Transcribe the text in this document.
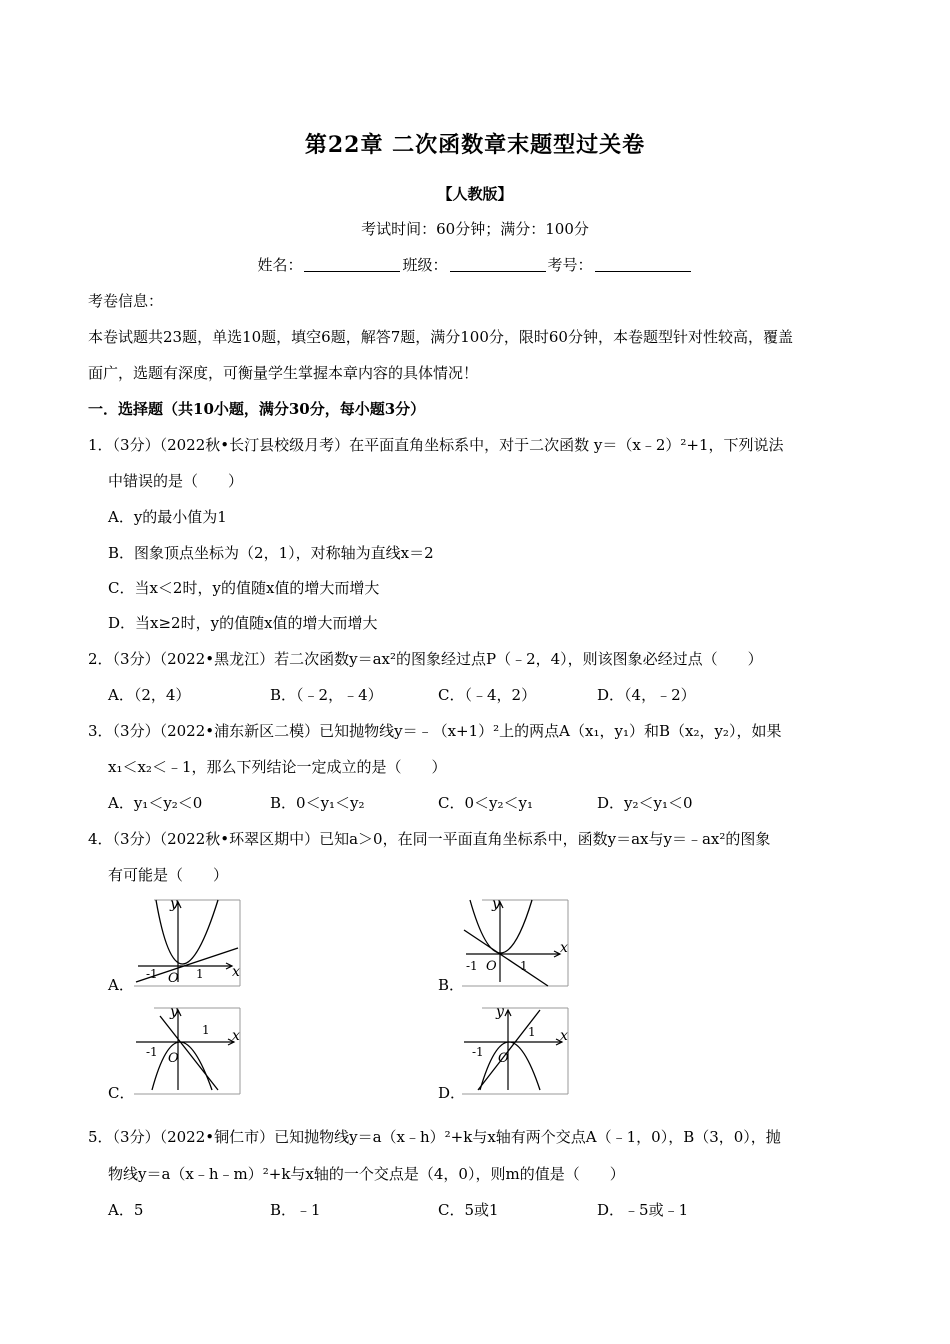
第22章 二次函数章末题型过关卷
【人教版】
考试时间：60分钟；满分：100分
姓名：	班级：	考号：
考卷信息：
本卷试题共23题，单选10题，填空6题，解答7题，满分100分，限时60分钟，本卷题型针对性较高，覆盖
面广，选题有深度，可衡量学生掌握本章内容的具体情况！
一．选择题（共10小题，满分30分，每小题3分）
1．（3分）（2022秋•长汀县校级月考）在平面直角坐标系中，对于二次函数 y＝（x﹣2）²+1，下列说法
中错误的是（　　）
A．y的最小值为1
B．图象顶点坐标为（2，1），对称轴为直线x＝2
C．当x＜2时，y的值随x值的增大而增大
D．当x≥2时，y的值随x值的增大而增大
2．（3分）（2022•黑龙江）若二次函数y＝ax²的图象经过点P（﹣2，4），则该图象必经过点（　　）
A．（2，4）	B．（﹣2，﹣4）	C．（﹣4，2）	D．（4，﹣2）
3．（3分）（2022•浦东新区二模）已知抛物线y＝﹣（x+1）²上的两点A（x₁，y₁）和B（x₂，y₂），如果
x₁＜x₂＜﹣1，那么下列结论一定成立的是（　　）
A．y₁＜y₂＜0	B．0＜y₁＜y₂	C．0＜y₂＜y₁	D．y₂＜y₁＜0
4．（3分）（2022秋•环翠区期中）已知a＞0，在同一平面直角坐标系中，函数y＝ax与y＝﹣ax²的图象
有可能是（　　）
A．
y
x
-1	1
O	B．
y
x
-1	1
O
C．
y
x
-1
1
O
D．
y
x
-1
1
O
5．（3分）（2022•铜仁市）已知抛物线y＝a（x﹣h）²+k与x轴有两个交点A（﹣1，0），B（3，0），抛
物线y＝a（x﹣h﹣m）²+k与x轴的一个交点是（4，0），则m的值是（　　）
A．5	B．﹣1	C．5或1	D．﹣5或﹣1
